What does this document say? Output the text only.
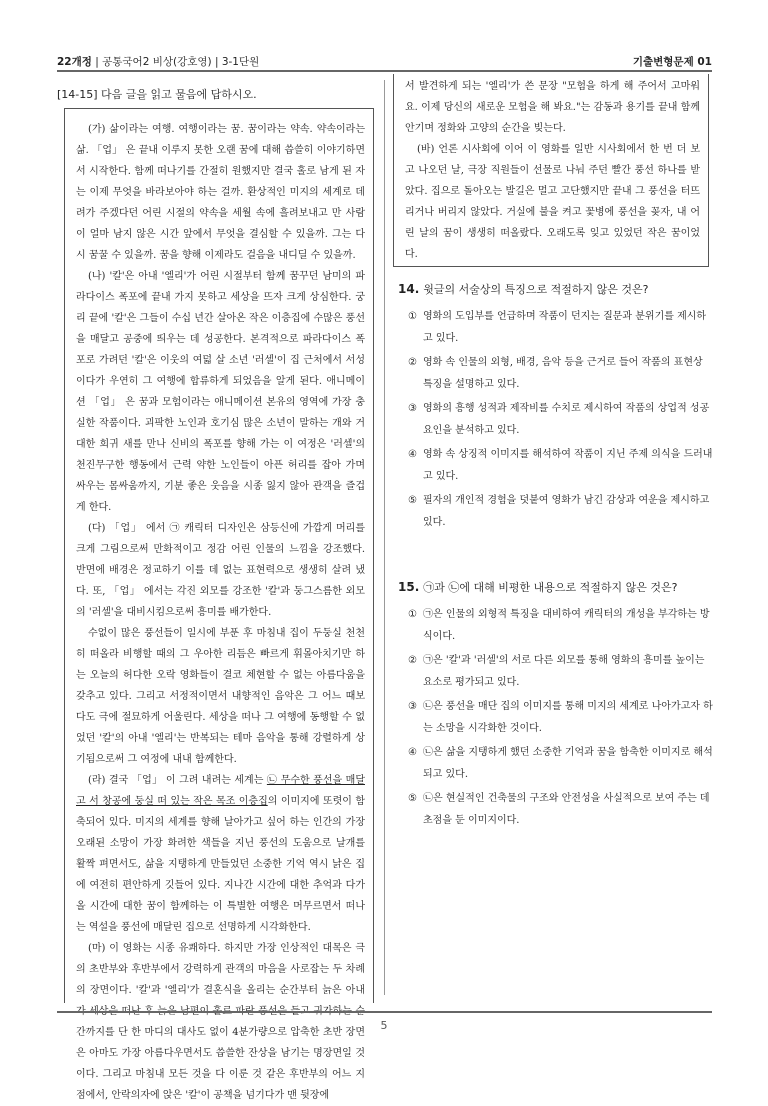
22개정 | 공통국어2 비상(강호영) | 3-1단원	기출변형문제 01
[14-15] 다음 글을 읽고 물음에 답하시오.

(가) 삶이라는 여행. 여행이라는 꿈. 꿈이라는 약속. 약속이라는 삶. 「업」 은 끝내 이루지 못한 오랜 꿈에 대해 씁쓸히 이야기하면서 시작한다. 함께 떠나기를 간절히 원했지만 결국 홀로 남게 된 자는 이제 무엇을 바라보아야 하는 걸까. 환상적인 미지의 세계로 데려가 주겠다던 어린 시절의 약속을 세월 속에 흘려보내고 만 사람이 얼마 남지 않은 시간 앞에서 무엇을 결심할 수 있을까. 그는 다시 꿈꿀 수 있을까. 꿈을 향해 이제라도 걸음을 내디딜 수 있을까.

(나) '칼'은 아내 '엘리'가 어린 시절부터 함께 꿈꾸던 남미의 파라다이스 폭포에 끝내 가지 못하고 세상을 뜨자 크게 상심한다. 궁리 끝에 '칼'은 그들이 수십 년간 살아온 작은 이층집에 수많은 풍선을 매달고 공중에 띄우는 데 성공한다. 본격적으로 파라다이스 폭포로 가려던 '칼'은 이웃의 여덟 살 소년 '러셀'이 집 근처에서 서성이다가 우연히 그 여행에 합류하게 되었음을 알게 된다. 애니메이션 「업」 은 꿈과 모험이라는 애니메이션 본유의 영역에 가장 충실한 작품이다. 괴팍한 노인과 호기심 많은 소년이 말하는 개와 거대한 희귀 새를 만나 신비의 폭포를 향해 가는 이 여정은 '러셀'의 천진무구한 행동에서 근력 약한 노인들이 아픈 허리를 잡아 가며 싸우는 몸싸움까지, 기분 좋은 웃음을 시종 잃지 않아 관객을 즐겁게 한다.

(다) 「업」 에서 ㉠ 캐릭터 디자인은 삼등신에 가깝게 머리를 크게 그림으로써 만화적이고 정감 어린 인물의 느낌을 강조했다. 반면에 배경은 정교하기 이를 데 없는 표현력으로 생생히 살려 냈다. 또, 「업」 에서는 각진 외모를 강조한 '칼'과 둥그스름한 외모의 '러셀'을 대비시킴으로써 흥미를 배가한다.

수없이 많은 풍선들이 일시에 부푼 후 마침내 집이 두둥실 천천히 떠올라 비행할 때의 그 우아한 리듬은 빠르게 휘몰아치기만 하는 오늘의 허다한 오락 영화들이 결코 체현할 수 없는 아름다움을 갖추고 있다. 그리고 서정적이면서 내향적인 음악은 그 어느 때보다도 극에 절묘하게 어울린다. 세상을 떠나 그 여행에 동행할 수 없었던 '칼'의 아내 '엘리'는 반복되는 테마 음악을 통해 강렬하게 상기됨으로써 그 여정에 내내 함께한다.

(라) 결국 「업」 이 그려 내려는 세계는 ㉡ 무수한 풍선을 매달고 서 창공에 둥실 떠 있는 작은 목조 이층집의 이미지에 또렷이 함축되어 있다. 미지의 세계를 향해 날아가고 싶어 하는 인간의 가장 오래된 소망이 가장 화려한 색들을 지닌 풍선의 도움으로 날개를 활짝 펴면서도, 삶을 지탱하게 만들었던 소중한 기억 역시 낡은 집에 여전히 편안하게 깃들어 있다. 지나간 시간에 대한 추억과 다가올 시간에 대한 꿈이 함께하는 이 특별한 여행은 머무르면서 떠나는 역설을 풍선에 매달린 집으로 선명하게 시각화한다.

(마) 이 영화는 시종 유쾌하다. 하지만 가장 인상적인 대목은 극의 초반부와 후반부에서 강력하게 관객의 마음을 사로잡는 두 차례의 장면이다. '칼'과 '엘리'가 결혼식을 올리는 순간부터 늙은 아내 간까지를 단 한 마디의 대사도 없이 4분가량으로 압축한 초반 장면은 아마도 가장 아름다우면서도 씁쓸한 잔상을 남기는 명장면일 것이다. 그리고 마침내 모든 것을 다 이룬 것 같은 후반부의 어느 지점에서, 안락의자에 앉은 '칼'이 공책을 넘기다가 맨 뒷장에

서 발견하게 되는 '엘리'가 쓴 문장 "모험을 하게 해 주어서 고마워요. 이제 당신의 새로운 모험을 해 봐요."는 감동과 용기를 끝내 함께 안기며 정화와 고양의 순간을 빚는다.

(바) 언론 시사회에 이어 이 영화를 일반 시사회에서 한 번 더 보고 나오던 날, 극장 직원들이 선물로 나눠 주던 빨간 풍선 하나를 받았다. 집으로 돌아오는 발길은 멀고 고단했지만 끝내 그 풍선을 터뜨리거나 버리지 않았다. 거실에 불을 켜고 꽃병에 풍선을 꽂자, 내 어린 날의 꿈이 생생히 떠올랐다. 오래도록 잊고 있었던 작은 꿈이었다.

14. 윗글의 서술상의 특징으로 적절하지 않은 것은?
① 영화의 도입부를 언급하며 작품이 던지는 질문과 분위기를 제시하고 있다.
② 영화 속 인물의 외형, 배경, 음악 등을 근거로 들어 작품의 표현상 특징을 설명하고 있다.
③ 영화의 흥행 성적과 제작비를 수치로 제시하여 작품의 상업적 성공 요인을 분석하고 있다.
④ 영화 속 상징적 이미지를 해석하여 작품이 지닌 주제 의식을 드러내고 있다.
⑤ 필자의 개인적 경험을 덧붙여 영화가 남긴 감상과 여운을 제시하고 있다.
15. ㉠과 ㉡에 대해 비평한 내용으로 적절하지 않은 것은?
① ㉠은 인물의 외형적 특징을 대비하여 캐릭터의 개성을 부각하는 방식이다.
② ㉠은 '칼'과 '러셀'의 서로 다른 외모를 통해 영화의 흥미를 높이는 요소로 평가되고 있다.
③ ㉡은 풍선을 매단 집의 이미지를 통해 미지의 세계로 나아가고자 하는 소망을 시각화한 것이다.
④ ㉡은 삶을 지탱하게 했던 소중한 기억과 꿈을 함축한 이미지로 해석되고 있다.
⑤ ㉡은 현실적인 건축물의 구조와 안전성을 사실적으로 보여 주는 데 초점을 둔 이미지이다.
5
